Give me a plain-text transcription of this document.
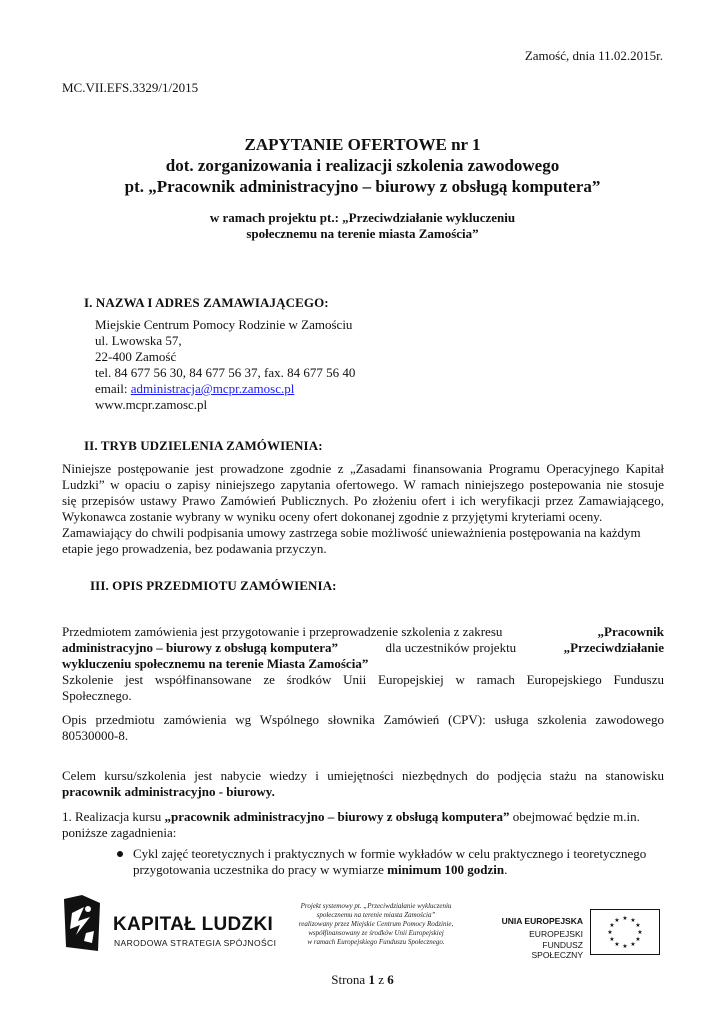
Zamość, dnia 11.02.2015r.
MC.VII.EFS.3329/1/2015
ZAPYTANIE OFERTOWE nr 1
dot. zorganizowania i realizacji szkolenia zawodowego
pt. „Pracownik administracyjno – biurowy z obsługą komputera”
w ramach projektu pt.: „Przeciwdziałanie wykluczeniu
społecznemu na terenie miasta Zamościa”
I. NAZWA I ADRES ZAMAWIAJĄCEGO:
Miejskie Centrum Pomocy Rodzinie w Zamościu
ul. Lwowska 57,
22-400 Zamość
tel. 84 677 56 30, 84 677 56 37, fax. 84 677 56 40
email: administracja@mcpr.zamosc.pl
www.mcpr.zamosc.pl
II. TRYB UDZIELENIA ZAMÓWIENIA:
Niniejsze postępowanie jest prowadzone zgodnie z „Zasadami finansowania Programu Operacyjnego Kapitał
Ludzki” w opaciu o zapisy niniejszego zapytania ofertowego. W ramach niniejszego postepowania nie stosuje
się przepisów ustawy Prawo Zamówień Publicznych. Po złożeniu ofert i ich weryfikacji przez Zamawiającego,
Wykonawca zostanie wybrany w wyniku oceny ofert dokonanej zgodnie z przyjętymi kryteriami oceny.
Zamawiający do chwili podpisania umowy zastrzega sobie możliwość unieważnienia postępowania na każdym
etapie jego prowadzenia, bez podawania przyczyn.
III. OPIS PRZEDMIOTU ZAMÓWIENIA:
Przedmiotem zamówienia jest przygotowanie i przeprowadzenie szkolenia z zakresu	„Pracownik
administracyjno – biurowy z obsługą komputera”	dla uczestników projektu	„Przeciwdziałanie
wykluczeniu społecznemu na terenie Miasta Zamościa”
Szkolenie jest współfinansowane ze środków Unii Europejskiej w ramach Europejskiego Funduszu
Społecznego.
Opis przedmiotu zamówienia wg Wspólnego słownika Zamówień (CPV): usługa szkolenia zawodowego
80530000-8.
Celem kursu/szkolenia jest nabycie wiedzy i umiejętności niezbędnych do podjęcia stażu na stanowisku
pracownik administracyjno - biurowy.
1. Realizacja kursu „pracownik administracyjno – biurowy z obsługą komputera” obejmować będzie m.in.
poniższe zagadnienia:
Cykl zajęć teoretycznych i praktycznych w formie wykładów w celu praktycznego i teoretycznego
przygotowania uczestnika do pracy w wymiarze minimum 100 godzin.
KAPITAŁ LUDZKI
NARODOWA STRATEGIA SPÓJNOŚCI
Projekt systemowy pt. „Przeciwdziałanie wykluczeniu
społecznemu na terenie miasta Zamościa”
realizowany przez Miejskie Centrum Pomocy Rodzinie,
współfinansowany ze środków Unii Europejskiej
w ramach Europejskiego Funduszu Społecznego.
UNIA EUROPEJSKA
EUROPEJSKI
FUNDUSZ SPOŁECZNY
★ ★
★
★
★
★
★
★
★
★
★
★
Strona 1 z 6
